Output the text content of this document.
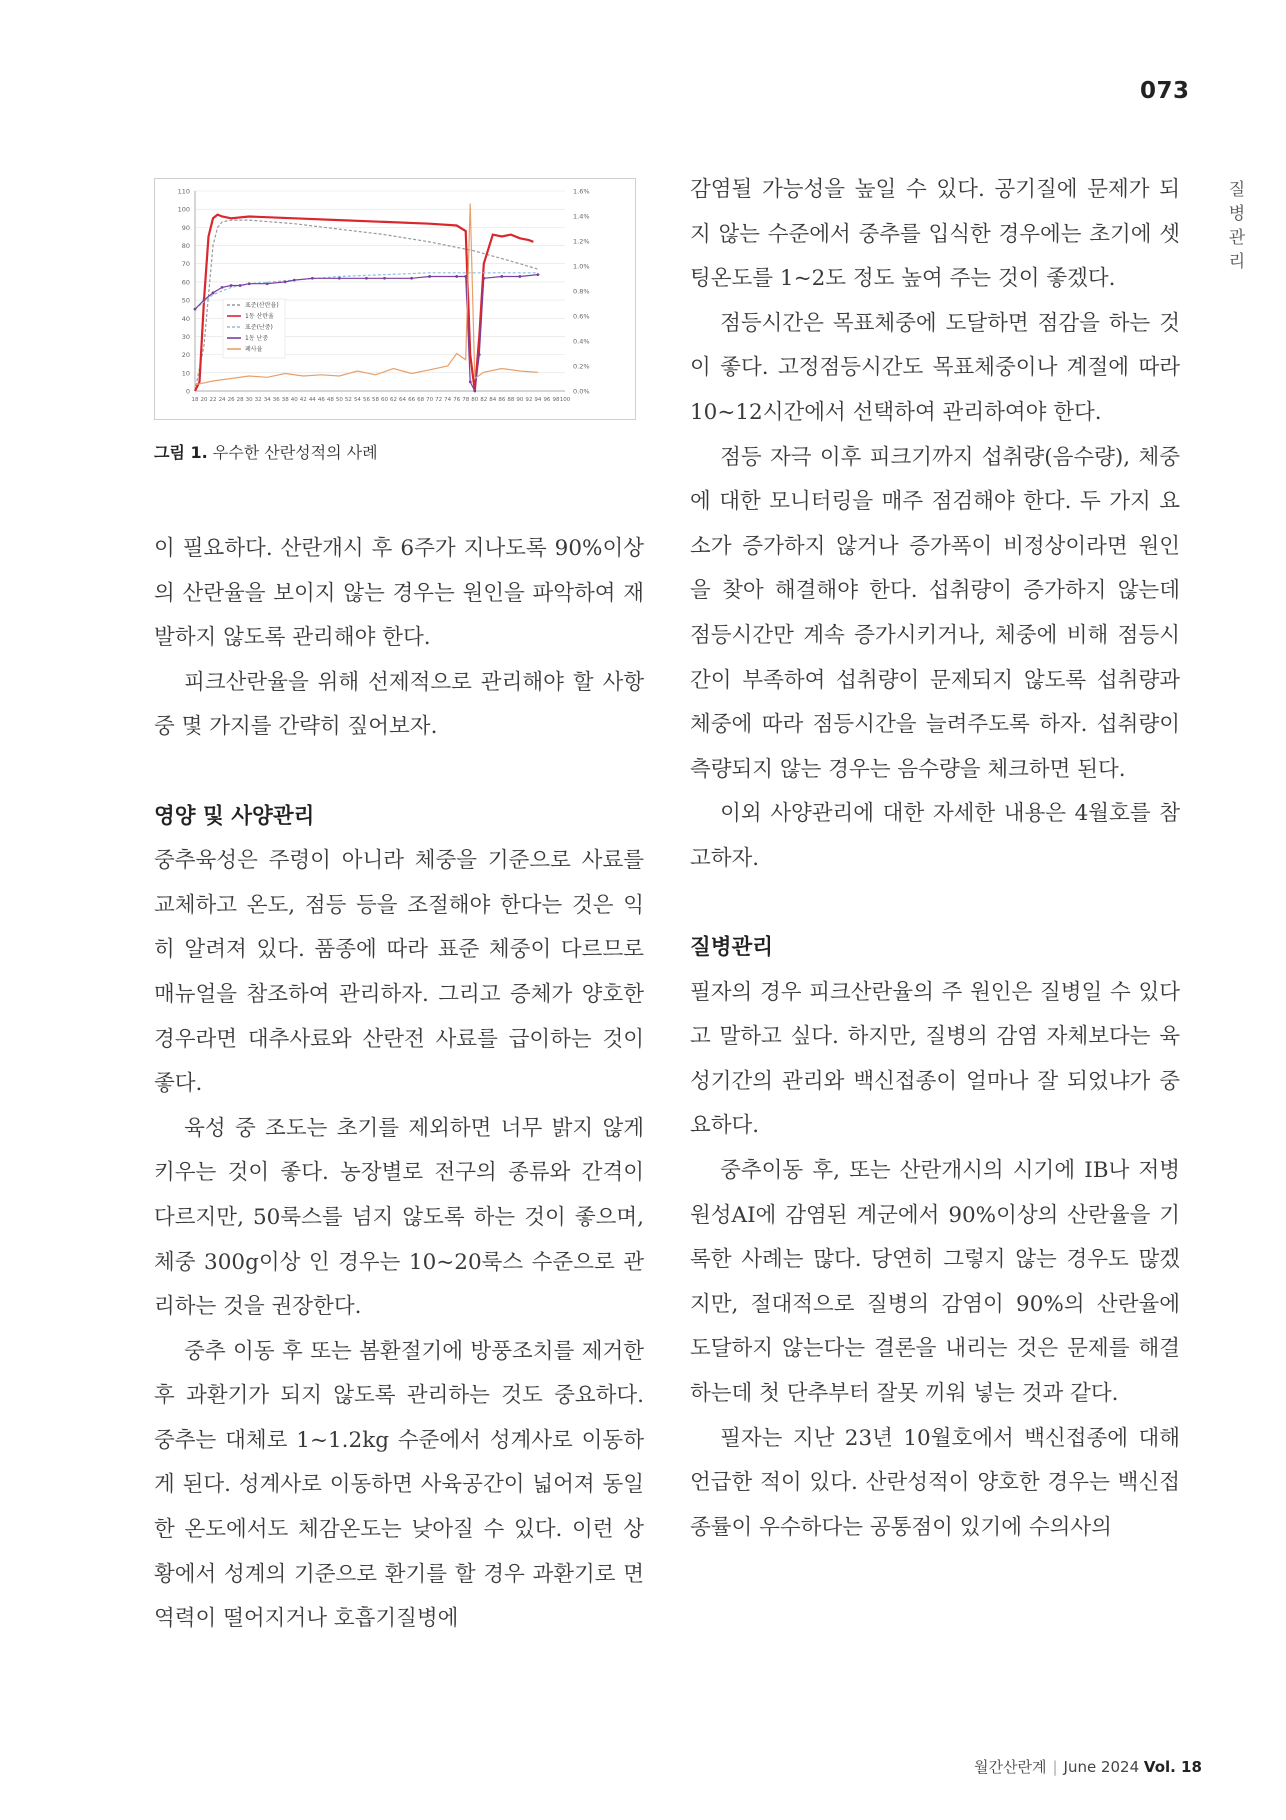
073
질
병
관
리
0
10
20
30
40
50
60
70
80
90
100
110
0.0%
0.2%
0.4%
0.6%
0.8%
1.0%
1.2%
1.4%
1.6%
18 20 22 24 26 28 30 32 34 36 38 40 42 44 46 48 50 52 54 56 58 60 62 64 66 68 70 72 74 76 78 80 82 84 86 88 90 92 94 96 98 100
표준(산란율)
1동 산란율
표준(난중)
1동 난중
폐사율
그림 1. 우수한 산란성적의 사례

이 필요하다. 산란개시 후 6주가 지나도록 90%이상의 산란율을 보이지 않는 경우는 원인을 파악하여 재발하지 않도록 관리해야 한다.

피크산란율을 위해 선제적으로 관리해야 할 사항 중 몇 가지를 간략히 짚어보자.

영양 및 사양관리

중추육성은 주령이 아니라 체중을 기준으로 사료를 교체하고 온도, 점등 등을 조절해야 한다는 것은 익히 알려져 있다. 품종에 따라 표준 체중이 다르므로 매뉴얼을 참조하여 관리하자. 그리고 증체가 양호한 경우라면 대추사료와 산란전 사료를 급이하는 것이 좋다.

육성 중 조도는 초기를 제외하면 너무 밝지 않게 키우는 것이 좋다. 농장별로 전구의 종류와 간격이 다르지만, 50룩스를 넘지 않도록 하는 것이 좋으며, 체중 300g이상 인 경우는 10~20룩스 수준으로 관리하는 것을 권장한다.

중추 이동 후 또는 봄환절기에 방풍조치를 제거한 후 과환기가 되지 않도록 관리하는 것도 중요하다. 중추는 대체로 1~1.2kg 수준에서 성계사로 이동하게 된다. 성계사로 이동하면 사육공간이 넓어져 동일한 온도에서도 체감온도는 낮아질 수 있다. 이런 상황에서 성계의 기준으로 환기를 할 경우 과환기로 면역력이 떨어지거나 호흡기질병에

감염될 가능성을 높일 수 있다. 공기질에 문제가 되지 않는 수준에서 중추를 입식한 경우에는 초기에 셋팅온도를 1~2도 정도 높여 주는 것이 좋겠다.

점등시간은 목표체중에 도달하면 점감을 하는 것이 좋다. 고정점등시간도 목표체중이나 계절에 따라 10~12시간에서 선택하여 관리하여야 한다.

점등 자극 이후 피크기까지 섭취량(음수량), 체중에 대한 모니터링을 매주 점검해야 한다. 두 가지 요소가 증가하지 않거나 증가폭이 비정상이라면 원인을 찾아 해결해야 한다. 섭취량이 증가하지 않는데 점등시간만 계속 증가시키거나, 체중에 비해 점등시간이 부족하여 섭취량이 문제되지 않도록 섭취량과 체중에 따라 점등시간을 늘려주도록 하자. 섭취량이 측량되지 않는 경우는 음수량을 체크하면 된다.

이외 사양관리에 대한 자세한 내용은 4월호를 참고하자.

질병관리

필자의 경우 피크산란율의 주 원인은 질병일 수 있다고 말하고 싶다. 하지만, 질병의 감염 자체보다는 육성기간의 관리와 백신접종이 얼마나 잘 되었냐가 중요하다.

중추이동 후, 또는 산란개시의 시기에 IB나 저병원성AI에 감염된 계군에서 90%이상의 산란율을 기록한 사례는 많다. 당연히 그렇지 않는 경우도 많겠지만, 절대적으로 질병의 감염이 90%의 산란율에 도달하지 않는다는 결론을 내리는 것은 문제를 해결하는데 첫 단추부터 잘못 끼워 넣는 것과 같다.

필자는 지난 23년 10월호에서 백신접종에 대해 언급한 적이 있다. 산란성적이 양호한 경우는 백신접종률이 우수하다는 공통점이 있기에 수의사의

월간산란계 | June 2024 Vol. 18
